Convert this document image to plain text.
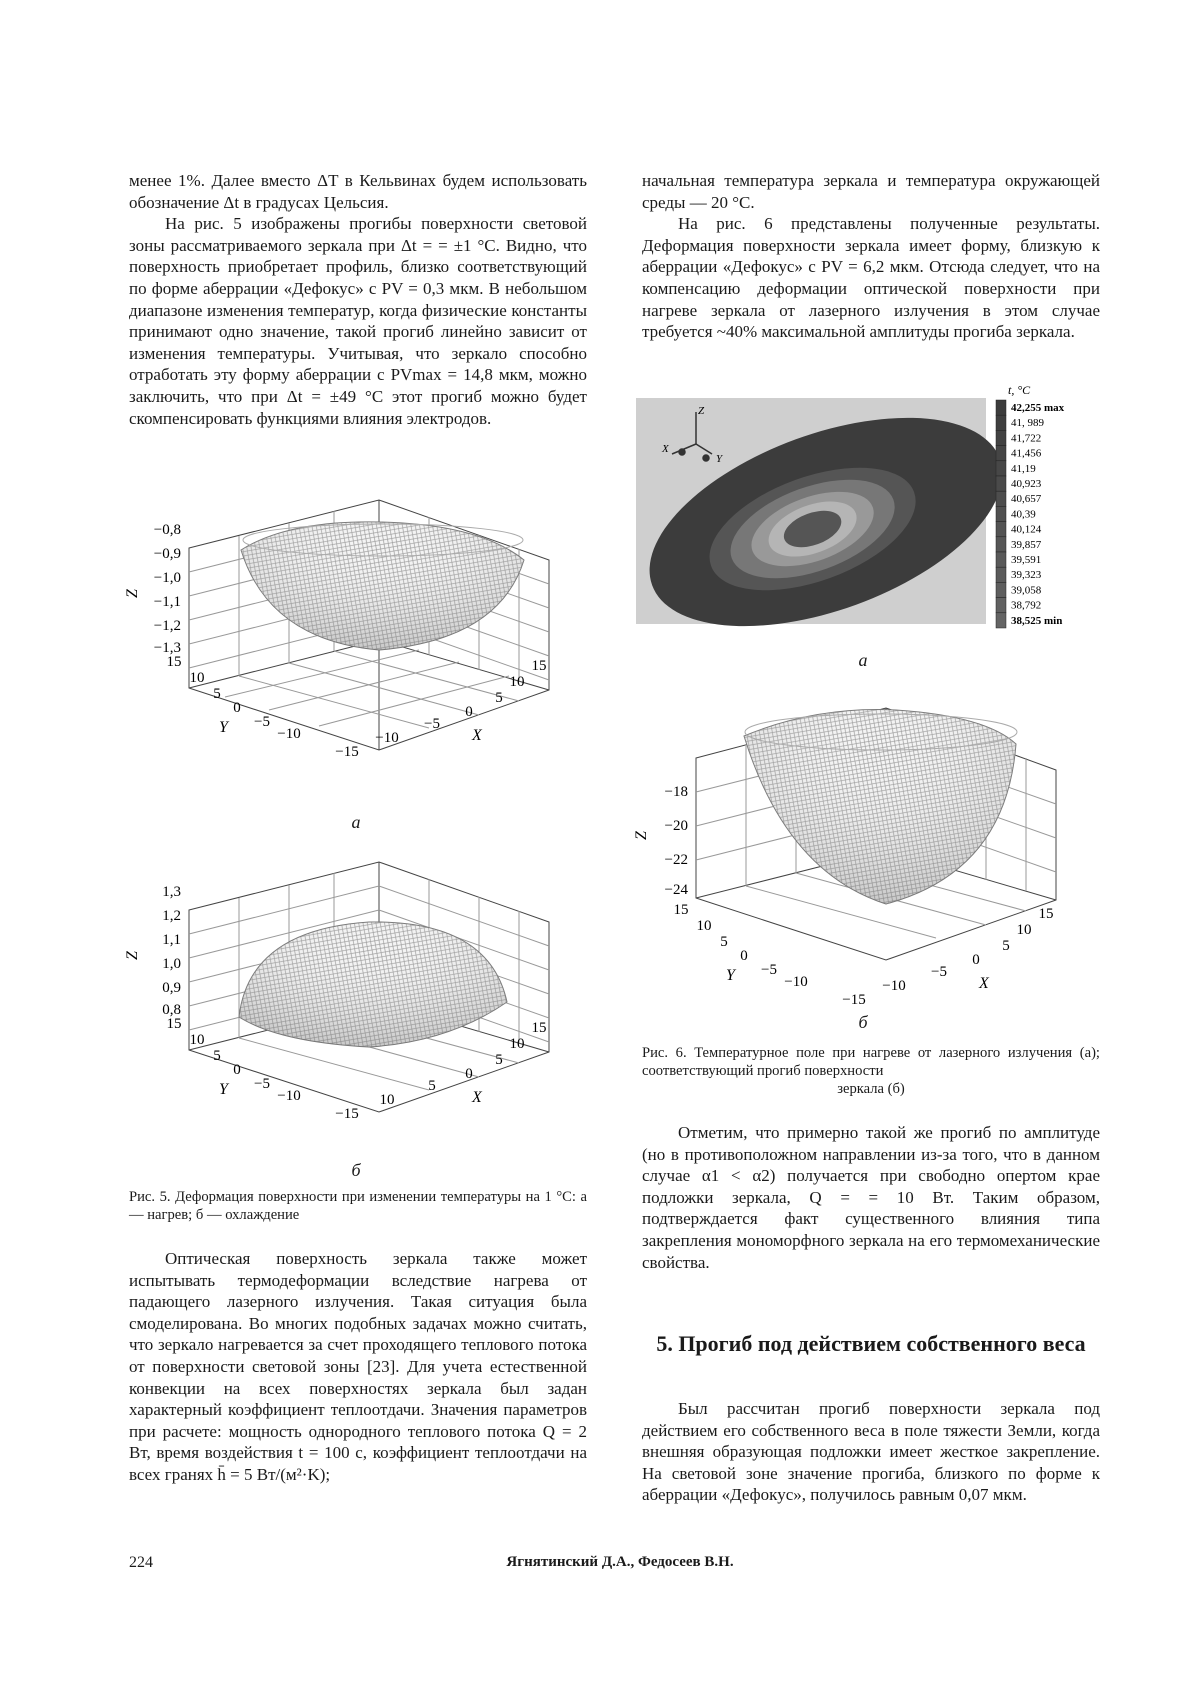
менее 1%. Далее вместо ΔT в Кельвинах будем использовать обозначение Δt в градусах Цельсия.

На рис. 5 изображены прогибы поверхности световой зоны рассматриваемого зеркала при Δt = = ±1 °С. Видно, что поверхность приобретает профиль, близко соответствующий по форме аберрации «Дефокус» с PV = 0,3 мкм. В небольшом диапазоне изменения температур, когда физические константы принимают одно значение, такой прогиб линейно зависит от изменения температуры. Учитывая, что зеркало способно отработать эту форму аберрации с PVmax = 14,8 мкм, можно заключить, что при Δt = ±49 °С этот прогиб можно будет скомпенсировать функциями влияния электродов.

−0,8
−0,9
−1,0
−1,1
−1,2
−1,3
Z
15
10
5
0
−5
−10
Y
−15
−10
−5
0
5
10
15
X
а
1,3
1,2
1,1
1,0
0,9
0,8
Z
15
10
5
0
−5
−10
Y
−15
10
5
0
5
10
15
X
б
Рис. 5. Деформация поверхности при изменении температуры на 1 °С: а — нагрев; б — охлаждение

Оптическая поверхность зеркала также может испытывать термодеформации вследствие нагрева от падающего лазерного излучения. Такая ситуация была смоделирована. Во многих подобных задачах можно считать, что зеркало нагревается за счет проходящего теплового потока от поверхности световой зоны [23]. Для учета естественной конвекции на всех поверхностях зеркала был задан характерный коэффициент теплоотдачи. Значения параметров при расчете: мощность однородного теплового потока Q = 2 Вт, время воздействия t = 100 с, коэффициент теплоотдачи на всех гранях h̄ = 5 Вт/(м²·K);

начальная температура зеркала и температура окружающей среды — 20 °С.

На рис. 6 представлены полученные результаты. Деформация поверхности зеркала имеет форму, близкую к аберрации «Дефокус» с PV = 6,2 мкм. Отсюда следует, что на компенсацию деформации оптической поверхности при нагреве зеркала от лазерного излучения в этом случае требуется ~40% максимальной амплитуды прогиба зеркала.

Z
X
Y
t, °C
42,255 max
41, 989
41,722
41,456
41,19
40,923
40,657
40,39
40,124
39,857
39,591
39,323
39,058
38,792
38,525 min
а
−18
−20
−22
−24
Z
15
10
5
0
−5
−10
Y
−15
−10
−5
0
5
10
15
X
б
Рис. 6. Температурное поле при нагреве от лазерного излучения (а); соответствующий прогиб поверхности
зеркала (б)

Отметим, что примерно такой же прогиб по амплитуде (но в противоположном направлении из-за того, что в данном случае α1 < α2) получается при свободно опертом крае подложки зеркала, Q = = 10 Вт. Таким образом, подтверждается факт существенного влияния типа закрепления мономорфного зеркала на его термомеханические свойства.

5. Прогиб под действием собственного веса

Был рассчитан прогиб поверхности зеркала под действием его собственного веса в поле тяжести Земли, когда внешняя образующая подложки имеет жесткое закрепление. На световой зоне значение прогиба, близкого по форме к аберрации «Дефокус», получилось равным 0,07 мкм.

224	Ягнятинский Д.А., Федосеев В.Н.
